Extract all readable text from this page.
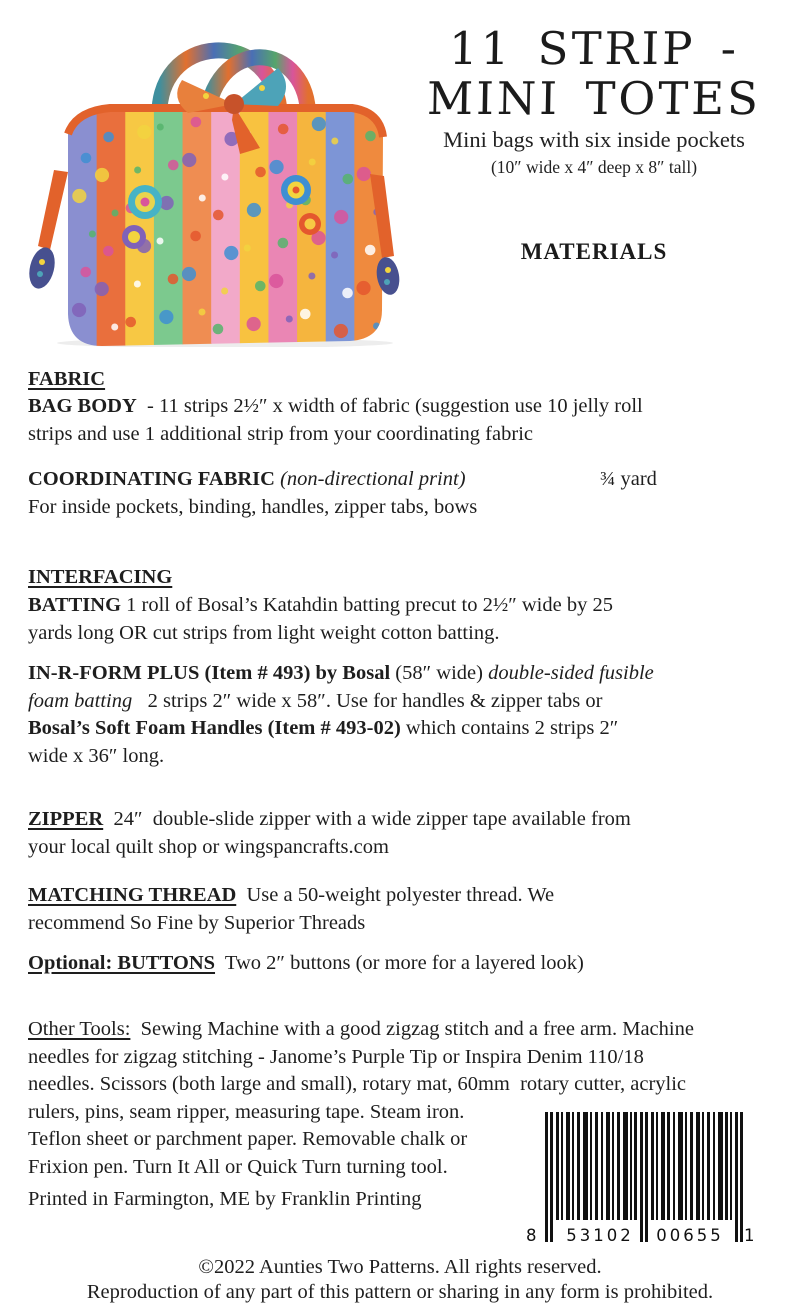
11 STRIP -
MINI TOTES
Mini bags with six inside pockets
(10″ wide x 4″ deep x 8″ tall)
MATERIALS
FABRIC
BAG BODY  - 11 strips 2½″ x width of fabric (suggestion use 10 jelly roll
strips and use 1 additional strip from your coordinating fabric
COORDINATING FABRIC (non-directional print)	¾ yard
For inside pockets, binding, handles, zipper tabs, bows
INTERFACING
BATTING 1 roll of Bosal’s Katahdin batting precut to 2½″ wide by 25
yards long OR cut strips from light weight cotton batting.
IN-R-FORM PLUS (Item # 493) by Bosal (58″ wide) double-sided fusible
foam batting   2 strips 2″ wide x 58″. Use for handles & zipper tabs or
Bosal’s Soft Foam Handles (Item # 493-02) which contains 2 strips 2″
wide x 36″ long.
ZIPPER  24″  double-slide zipper with a wide zipper tape available from
your local quilt shop or wingspancrafts.com
MATCHING THREAD  Use a 50-weight polyester thread. We
recommend So Fine by Superior Threads
Optional: BUTTONS  Two 2″ buttons (or more for a layered look)
Other Tools:  Sewing Machine with a good zigzag stitch and a free arm. Machine
needles for zigzag stitching - Janome’s Purple Tip or Inspira Denim 110/18
needles. Scissors (both large and small), rotary mat, 60mm  rotary cutter, acrylic
rulers, pins, seam ripper, measuring tape. Steam iron.
Teflon sheet or parchment paper. Removable chalk or
Frixion pen. Turn It All or Quick Turn turning tool.
Printed in Farmington, ME by Franklin Printing
8 53102 00655 1
©2022 Aunties Two Patterns. All rights reserved.
Reproduction of any part of this pattern or sharing in any form is prohibited.
